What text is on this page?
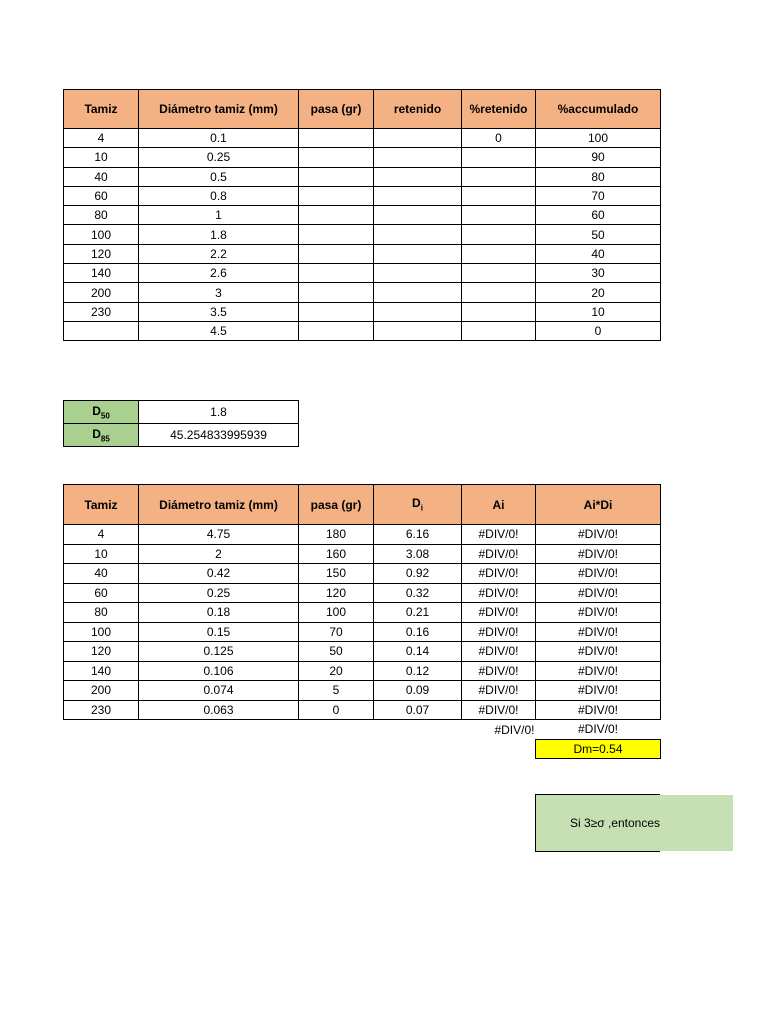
Tamiz	Diámetro tamiz (mm)	pasa (gr)	retenido	%retenido	%accumulado
4	0.1			0	100
10	0.25				90
40	0.5				80
60	0.8				70
80	1				60
100	1.8				50
120	2.2				40
140	2.6				30
200	3				20
230	3.5				10
	4.5				0
$D_{50}$	1.8
$D_{85}$	45.254833995939
Tamiz	Diámetro tamiz (mm)	pasa (gr)	$D_i$	Ai	Ai*Di
4	4.75	180	6.16	#DIV/0!	#DIV/0!
10	2	160	3.08	#DIV/0!	#DIV/0!
40	0.42	150	0.92	#DIV/0!	#DIV/0!
60	0.25	120	0.32	#DIV/0!	#DIV/0!
80	0.18	100	0.21	#DIV/0!	#DIV/0!
100	0.15	70	0.16	#DIV/0!	#DIV/0!
120	0.125	50	0.14	#DIV/0!	#DIV/0!
140	0.106	20	0.12	#DIV/0!	#DIV/0!
200	0.074	5	0.09	#DIV/0!	#DIV/0!
230	0.063	0	0.07	#DIV/0!	#DIV/0!
				#DIV/0!	#DIV/0!
					Dm=0.54
Si 3≥σ ,entonces
